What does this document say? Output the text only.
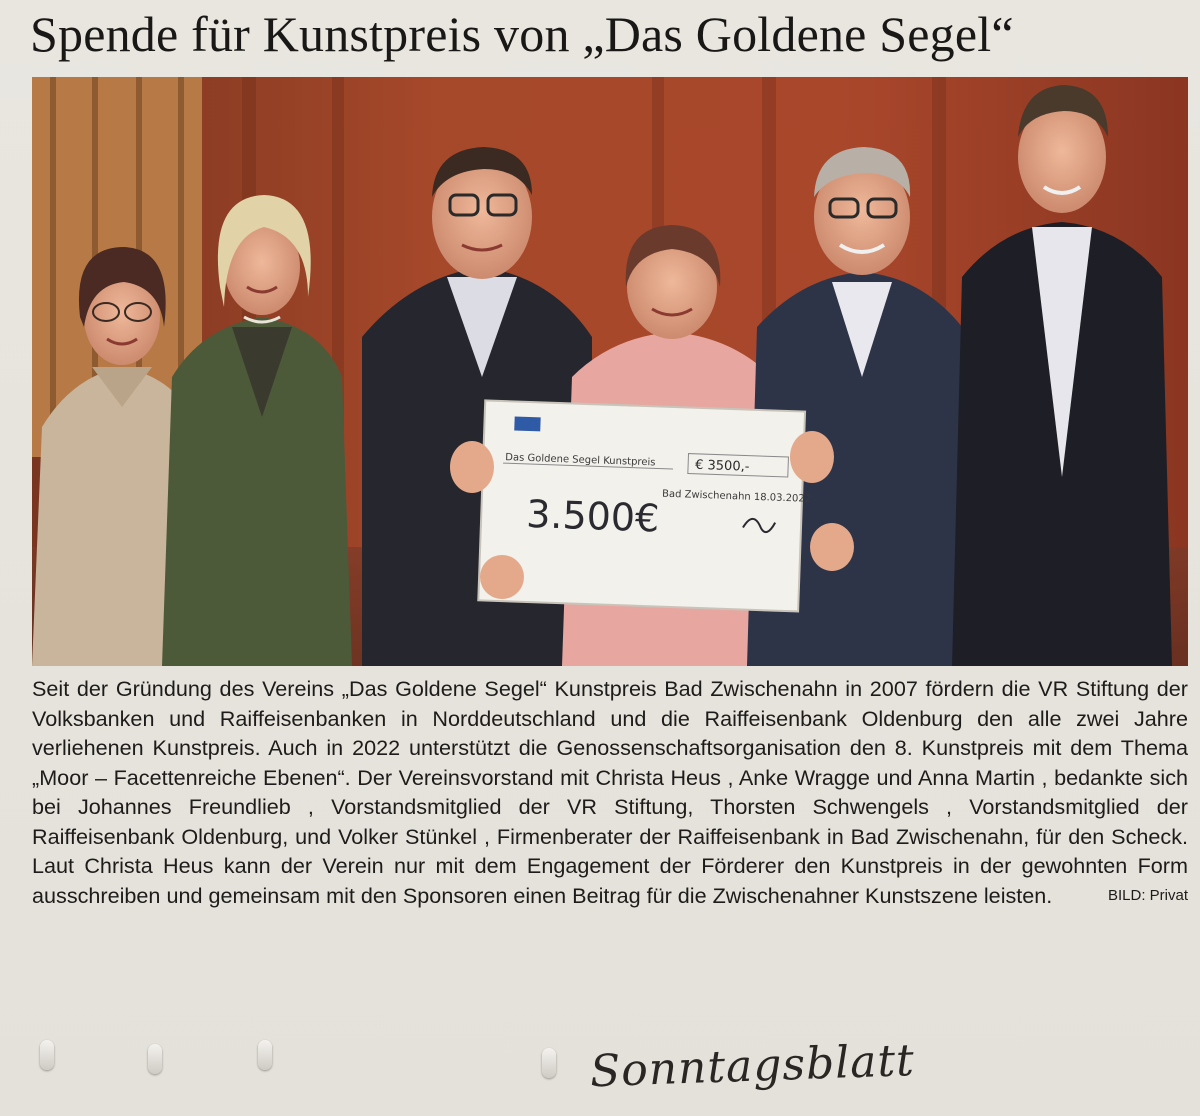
Spende für Kunstpreis von „Das Goldene Segel“
Das Goldene Segel Kunstpreis	€ 3500,-
Bad Zwischenahn 18.03.2022
3.500€

Seit der Gründung des Vereins „Das Goldene Segel“ Kunstpreis Bad Zwischenahn in 2007 fördern die VR Stiftung der Volksbanken und Raiffeisenbanken in Norddeutschland und die Raiffeisenbank Oldenburg den alle zwei Jahre verliehenen Kunstpreis. Auch in 2022 unterstützt die Genossenschaftsorganisation den 8. Kunstpreis mit dem Thema „Moor – Facettenreiche Ebenen“. Der Vereinsvorstand mit Christa Heus , Anke Wragge und Anna Martin , bedankte sich bei Johannes Freundlieb , Vorstandsmitglied der VR Stiftung, Thorsten Schwengels , Vorstandsmitglied der Raiffeisenbank Oldenburg, und Volker Stünkel , Firmenberater der Raiffeisenbank in Bad Zwischenahn, für den Scheck. Laut Christa Heus kann der Verein nur mit dem Engagement der Förderer den Kunstpreis in der gewohnten Form ausschreiben und gemeinsam mit den Sponsoren einen Beitrag für die Zwischenahner Kunstszene leisten.	BILD: Privat

Sonntagsblatt
